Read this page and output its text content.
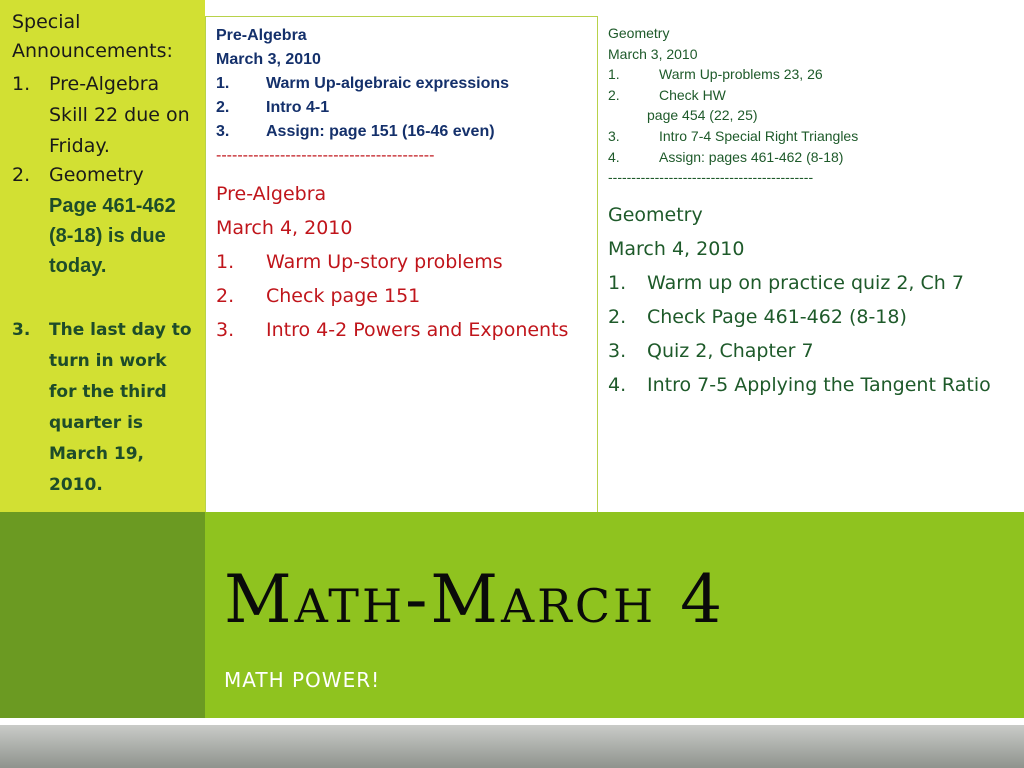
Special Announcements:
1. Pre-Algebra Skill 22 due on Friday.
2. Geometry
Page 461-462 (8-18) is due today.
3. The last day to turn in work for the third quarter is March 19, 2010.
Pre-Algebra
March 3, 2010
1. Warm Up-algebraic expressions
2. Intro 4-1
3. Assign: page 151 (16-46 even)
-----------------------------------------
Pre-Algebra
March 4, 2010
1.	Warm Up-story problems
2.	Check page 151
3.	Intro 4-2 Powers and Exponents
Geometry
March 3, 2010
1.	Warm Up-problems 23, 26
2.	Check HW
page 454 (22, 25)
3.	Intro 7-4 Special Right Triangles
4.	Assign: pages 461-462 (8-18)
--------------------------------------------
Geometry
March 4, 2010
1.	Warm up on practice quiz 2, Ch 7
2.	Check Page 461-462 (8-18)
3.	Quiz 2, Chapter 7
4.	Intro 7-5 Applying the Tangent Ratio
Math-March 4
MATH POWER!
